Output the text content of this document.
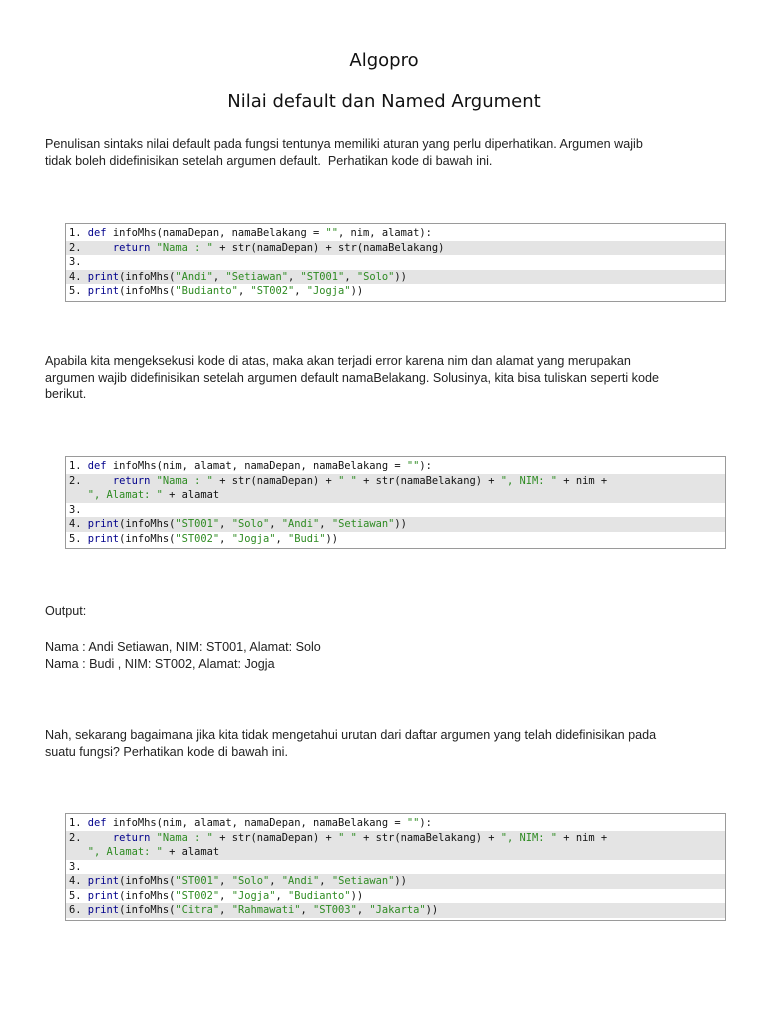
Algopro
Nilai default dan Named Argument

Penulisan sintaks nilai default pada fungsi tentunya memiliki aturan yang perlu diperhatikan. Argumen wajib
tidak boleh didefinisikan setelah argumen default.  Perhatikan kode di bawah ini.

1. def infoMhs(namaDepan, namaBelakang = "", nim, alamat):
2.     return "Nama : " + str(namaDepan) + str(namaBelakang)
3.
4. print(infoMhs("Andi", "Setiawan", "ST001", "Solo"))
5. print(infoMhs("Budianto", "ST002", "Jogja"))

Apabila kita mengeksekusi kode di atas, maka akan terjadi error karena nim dan alamat yang merupakan
argumen wajib didefinisikan setelah argumen default namaBelakang. Solusinya, kita bisa tuliskan seperti kode
berikut.

1. def infoMhs(nim, alamat, namaDepan, namaBelakang = ""):
2.     return "Nama : " + str(namaDepan) + " " + str(namaBelakang) + ", NIM: " + nim +
", Alamat: " + alamat
3.
4. print(infoMhs("ST001", "Solo", "Andi", "Setiawan"))
5. print(infoMhs("ST002", "Jogja", "Budi"))

Output:

Nama : Andi Setiawan, NIM: ST001, Alamat: Solo
Nama : Budi , NIM: ST002, Alamat: Jogja

Nah, sekarang bagaimana jika kita tidak mengetahui urutan dari daftar argumen yang telah didefinisikan pada
suatu fungsi? Perhatikan kode di bawah ini.

1. def infoMhs(nim, alamat, namaDepan, namaBelakang = ""):
2.     return "Nama : " + str(namaDepan) + " " + str(namaBelakang) + ", NIM: " + nim +
", Alamat: " + alamat
3.
4. print(infoMhs("ST001", "Solo", "Andi", "Setiawan"))
5. print(infoMhs("ST002", "Jogja", "Budianto"))
6. print(infoMhs("Citra", "Rahmawati", "ST003", "Jakarta"))
